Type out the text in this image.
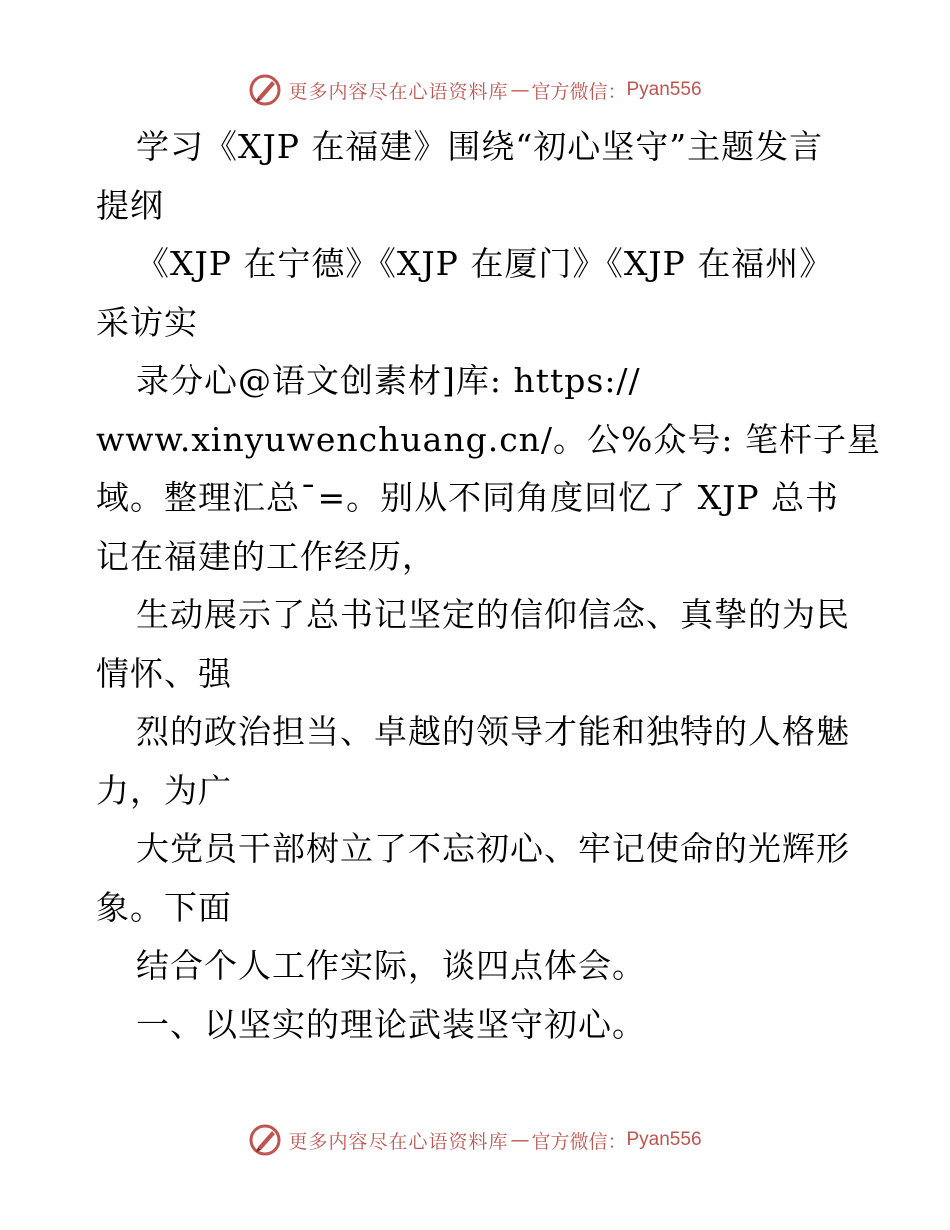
更多内容尽在心语资料库 — 官方微信： Pyan556
学习《XJP 在福建》围绕“初心坚守”主题发言
提纲
《XJP 在宁德》《XJP 在厦门》《XJP 在福州》
采访实
录分心@语文创素材]库: https://
www.xinyuwenchuang.cn/。公%众号: 笔杆子星
域。整理汇总¯=。别从不同角度回忆了 XJP 总书
记在福建的工作经历，
生动展示了总书记坚定的信仰信念、真挚的为民
情怀、强
烈的政治担当、卓越的领导才能和独特的人格魅
力，为广
大党员干部树立了不忘初心、牢记使命的光辉形
象。下面
结合个人工作实际，谈四点体会。
一、以坚实的理论武装坚守初心。
更多内容尽在心语资料库 — 官方微信： Pyan556
